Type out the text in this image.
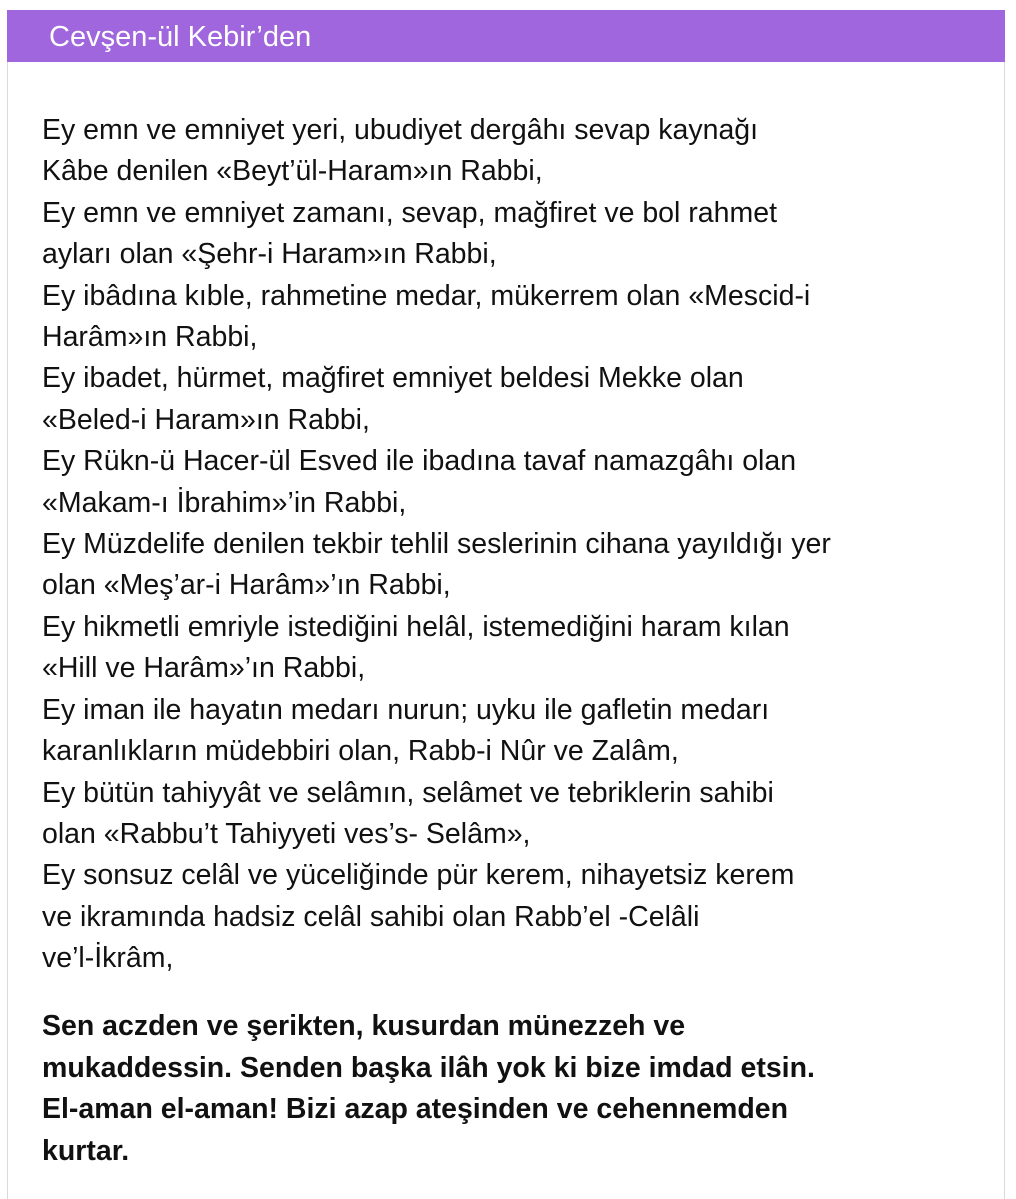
Cevşen-ül Kebir’den
Ey emn ve emniyet yeri, ubudiyet dergâhı sevap kaynağı
Kâbe denilen «Beyt’ül-Haram»ın Rabbi,
Ey emn ve emniyet zamanı, sevap, mağfiret ve bol rahmet
ayları olan «Şehr-i Haram»ın Rabbi,
Ey ibâdına kıble, rahmetine medar, mükerrem olan «Mescid-i
Harâm»ın Rabbi,
Ey ibadet, hürmet, mağfiret emniyet beldesi Mekke olan
«Beled-i Haram»ın Rabbi,
Ey Rükn-ü Hacer-ül Esved ile ibadına tavaf namazgâhı olan
«Makam-ı İbrahim»’in Rabbi,
Ey Müzdelife denilen tekbir tehlil seslerinin cihana yayıldığı yer
olan «Meş’ar-i Harâm»’ın Rabbi,
Ey hikmetli emriyle istediğini helâl, istemediğini haram kılan
«Hill ve Harâm»’ın Rabbi,
Ey iman ile hayatın medarı nurun; uyku ile gafletin medarı
karanlıkların müdebbiri olan, Rabb-i Nûr ve Zalâm,
Ey bütün tahiyyât ve selâmın, selâmet ve tebriklerin sahibi
olan «Rabbu’t Tahiyyeti ves’s- Selâm»,
Ey sonsuz celâl ve yüceliğinde pür kerem, nihayetsiz kerem
ve ikramında hadsiz celâl sahibi olan Rabb’el -Celâli
ve’l-İkrâm,
Sen aczden ve şerikten, kusurdan münezzeh ve
mukaddessin. Senden başka ilâh yok ki bize imdad etsin.
El-aman el-aman! Bizi azap ateşinden ve cehennemden
kurtar.
